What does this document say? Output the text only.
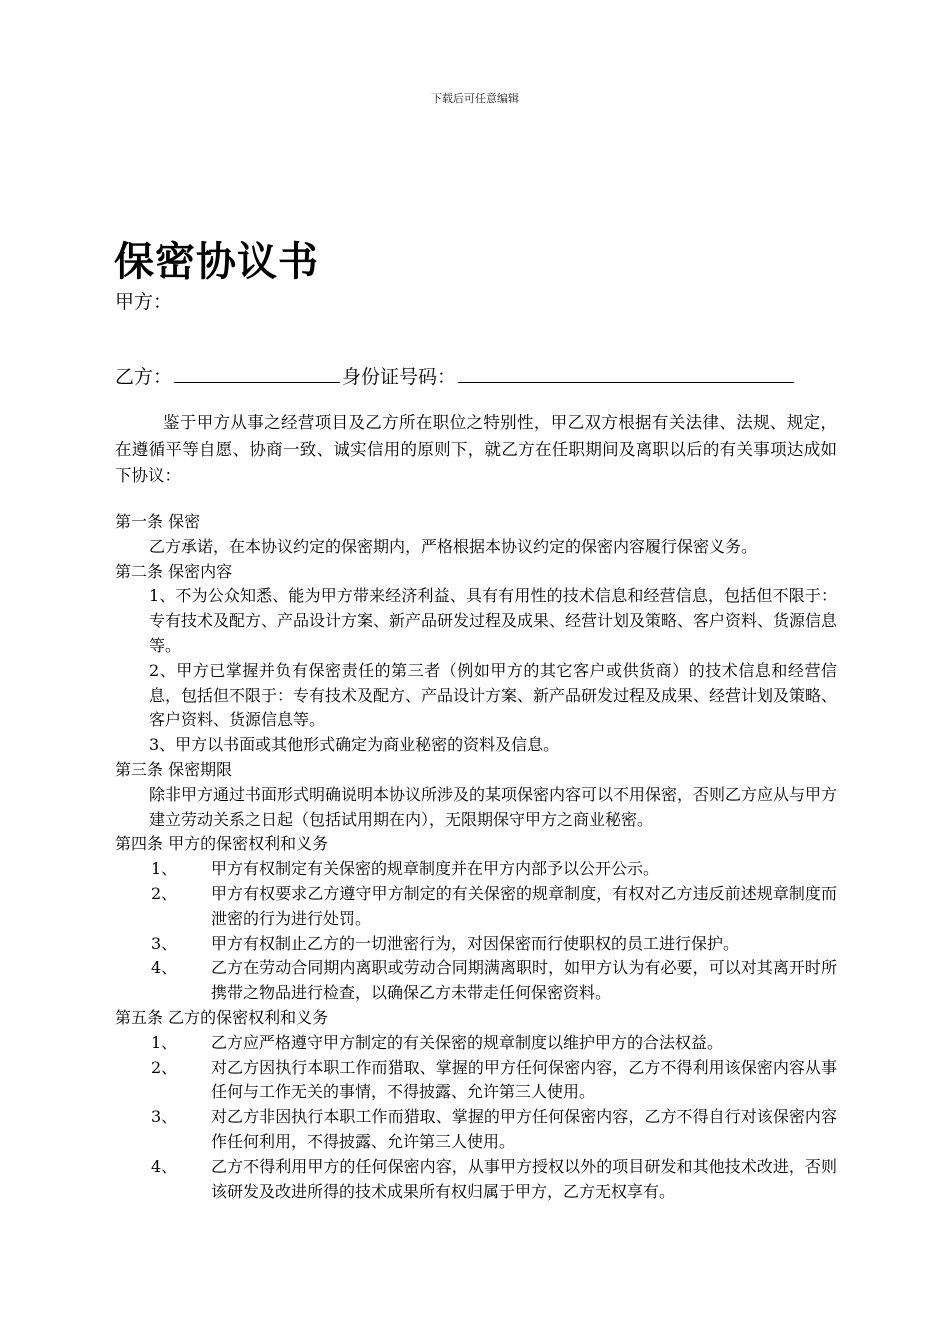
下载后可任意编辑
保密协议书
甲方：
乙方：	身份证号码：
鉴于甲方从事之经营项目及乙方所在职位之特别性，甲乙双方根据有关法律、法规、规定，在遵循平等自愿、协商一致、诚实信用的原则下，就乙方在任职期间及离职以后的有关事项达成如下协议：

第一条 保密

乙方承诺，在本协议约定的保密期内，严格根据本协议约定的保密内容履行保密义务。

第二条 保密内容

1、不为公众知悉、能为甲方带来经济利益、具有有用性的技术信息和经营信息，包括但不限于：专有技术及配方、产品设计方案、新产品研发过程及成果、经营计划及策略、客户资料、货源信息等。

2、甲方已掌握并负有保密责任的第三者（例如甲方的其它客户或供货商）的技术信息和经营信息，包括但不限于：专有技术及配方、产品设计方案、新产品研发过程及成果、经营计划及策略、客户资料、货源信息等。

3、甲方以书面或其他形式确定为商业秘密的资料及信息。

第三条 保密期限

除非甲方通过书面形式明确说明本协议所涉及的某项保密内容可以不用保密，否则乙方应从与甲方建立劳动关系之日起（包括试用期在内），无限期保守甲方之商业秘密。

第四条 甲方的保密权利和义务

1、	甲方有权制定有关保密的规章制度并在甲方内部予以公开公示。
2、	甲方有权要求乙方遵守甲方制定的有关保密的规章制度，有权对乙方违反前述规章制度而泄密的行为进行处罚。
3、	甲方有权制止乙方的一切泄密行为，对因保密而行使职权的员工进行保护。
4、	乙方在劳动合同期内离职或劳动合同期满离职时，如甲方认为有必要，可以对其离开时所携带之物品进行检查，以确保乙方未带走任何保密资料。

第五条 乙方的保密权利和义务

1、	乙方应严格遵守甲方制定的有关保密的规章制度以维护甲方的合法权益。
2、	对乙方因执行本职工作而猎取、掌握的甲方任何保密内容，乙方不得利用该保密内容从事任何与工作无关的事情，不得披露、允许第三人使用。
3、	对乙方非因执行本职工作而猎取、掌握的甲方任何保密内容，乙方不得自行对该保密内容作任何利用，不得披露、允许第三人使用。
4、	乙方不得利用甲方的任何保密内容，从事甲方授权以外的项目研发和其他技术改进，否则该研发及改进所得的技术成果所有权归属于甲方，乙方无权享有。
